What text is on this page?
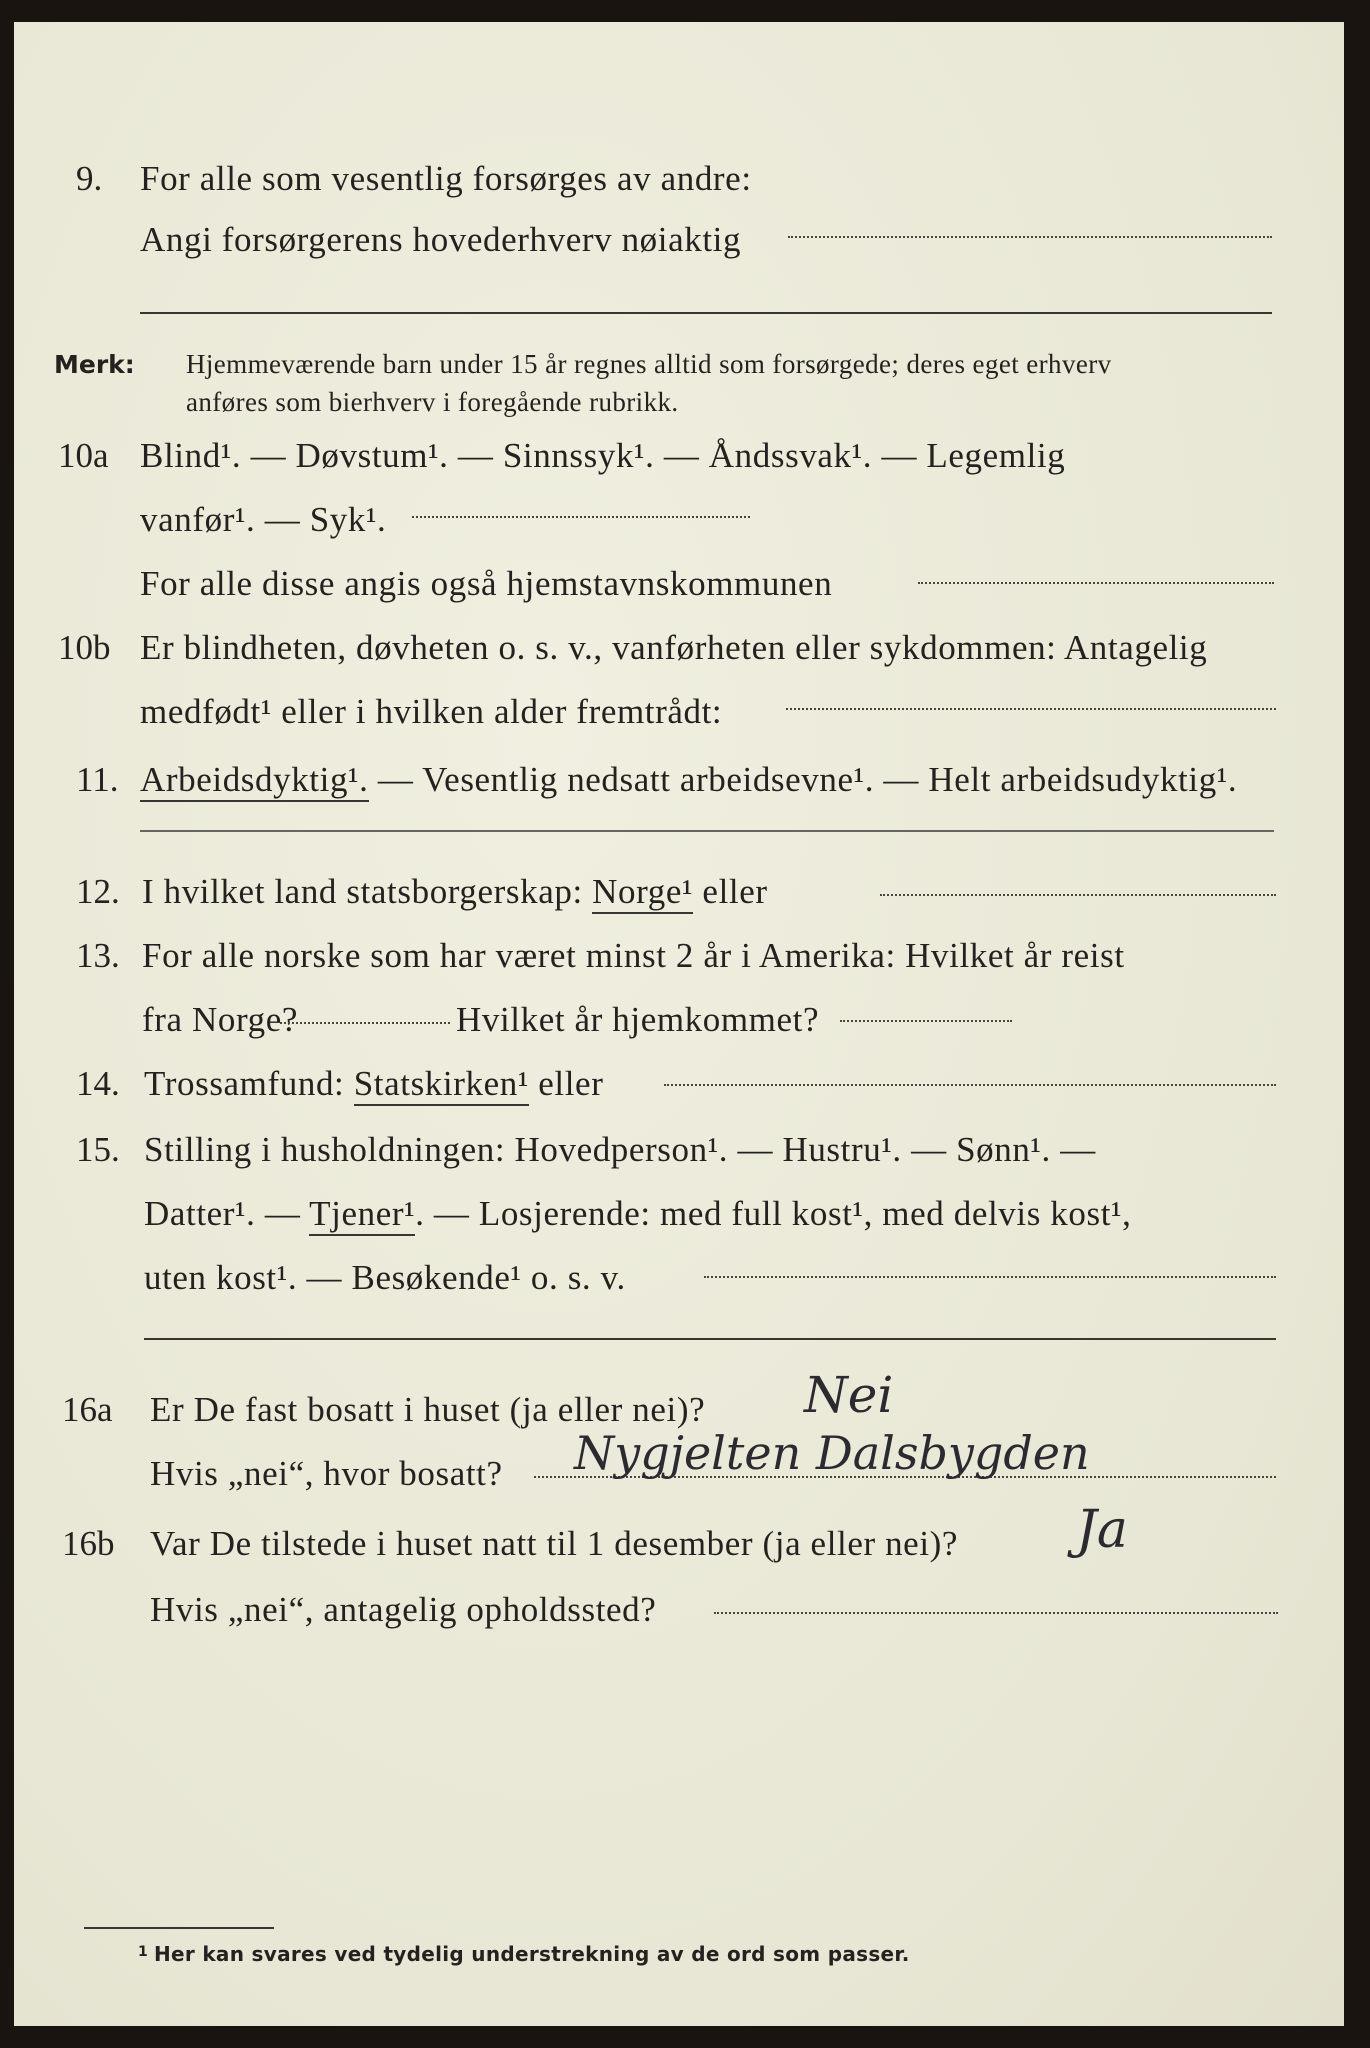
9. For alle som vesentlig forsørges av andre:
Angi forsørgerens hovederhverv nøiaktig
Merk: Hjemmeværende barn under 15 år regnes alltid som forsørgede; deres eget erhverv
anføres som bierhverv i foregående rubrikk.
10a Blind¹. — Døvstum¹. — Sinnssyk¹. — Åndssvak¹. — Legemlig
vanfør¹. — Syk¹.
For alle disse angis også hjemstavnskommunen
10b Er blindheten, døvheten o. s. v., vanførheten eller sykdommen: Antagelig
medfødt¹ eller i hvilken alder fremtrådt:
11. Arbeidsdyktig¹. — Vesentlig nedsatt arbeidsevne¹. — Helt arbeidsudyktig¹.
12. I hvilket land statsborgerskap: Norge¹ eller
13. For alle norske som har været minst 2 år i Amerika: Hvilket år reist
fra Norge?	Hvilket år hjemkommet?
14. Trossamfund: Statskirken¹ eller
15. Stilling i husholdningen: Hovedperson¹. — Hustru¹. — Sønn¹. —
Datter¹. — Tjener¹. — Losjerende: med full kost¹, med delvis kost¹,
uten kost¹. — Besøkende¹ o. s. v.
16a Er De fast bosatt i huset (ja eller nei)? Nei
Hvis „nei“, hvor bosatt? Nygjelten Dalsbygden
16b Var De tilstede i huset natt til 1 desember (ja eller nei)? Ja
Hvis „nei“, antagelig opholdssted?
1 Her kan svares ved tydelig understrekning av de ord som passer.
